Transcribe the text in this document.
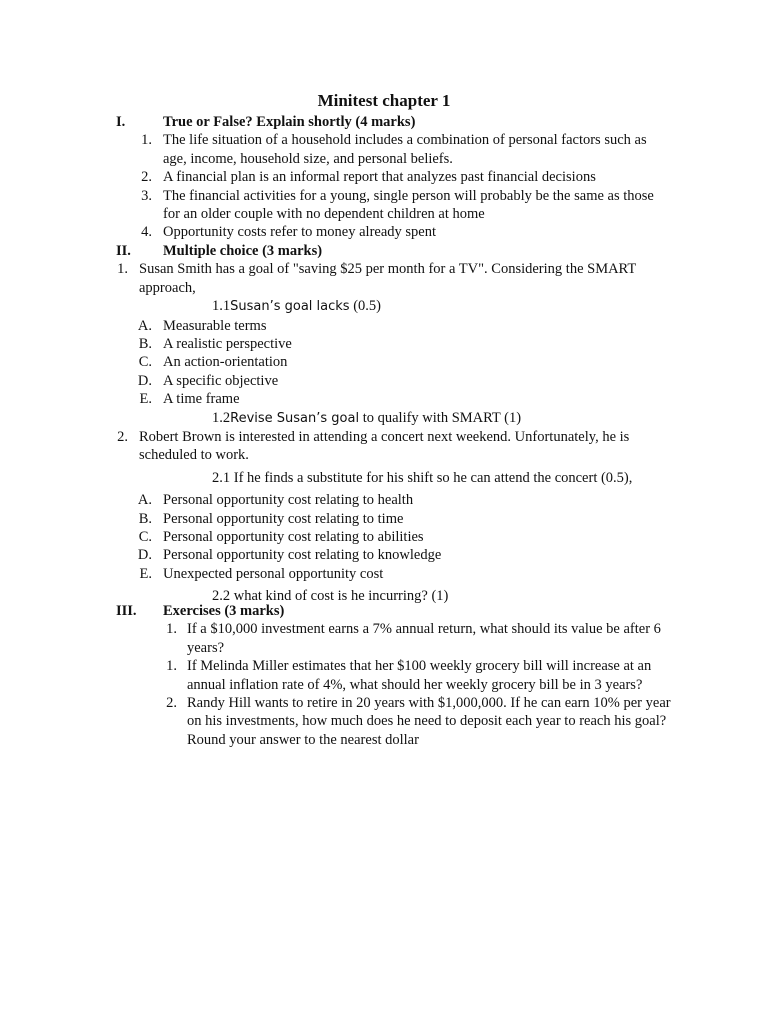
Minitest chapter 1
I.	True or False? Explain shortly (4 marks)
1. The life situation of a household includes a combination of personal factors such as age, income, household size, and personal beliefs.
2. A financial plan is an informal report that analyzes past financial decisions
3. The financial activities for a young, single person will probably be the same as those for an older couple with no dependent children at home
4. Opportunity costs refer to money already spent
II. Multiple choice (3 marks)
1. Susan Smith has a goal of "saving $25 per month for a TV". Considering the SMART approach,
1.1Susan’s goal lacks (0.5)
A. Measurable terms
B. A realistic perspective
C. An action-orientation
D. A specific objective
E. A time frame
1.2Revise Susan’s goal to qualify with SMART (1)
2. Robert Brown is interested in attending a concert next weekend. Unfortunately, he is scheduled to work.
2.1 If he finds a substitute for his shift so he can attend the concert (0.5),
A. Personal opportunity cost relating to health
B. Personal opportunity cost relating to time
C. Personal opportunity cost relating to abilities
D. Personal opportunity cost relating to knowledge
E. Unexpected personal opportunity cost
2.2 what kind of cost is he incurring? (1)
III. Exercises (3 marks)
1. If a $10,000 investment earns a 7% annual return, what should its value be after 6 years?
1. If Melinda Miller estimates that her $100 weekly grocery bill will increase at an annual inflation rate of 4%, what should her weekly grocery bill be in 3 years?
2. Randy Hill wants to retire in 20 years with $1,000,000. If he can earn 10% per year on his investments, how much does he need to deposit each year to reach his goal? Round your answer to the nearest dollar
